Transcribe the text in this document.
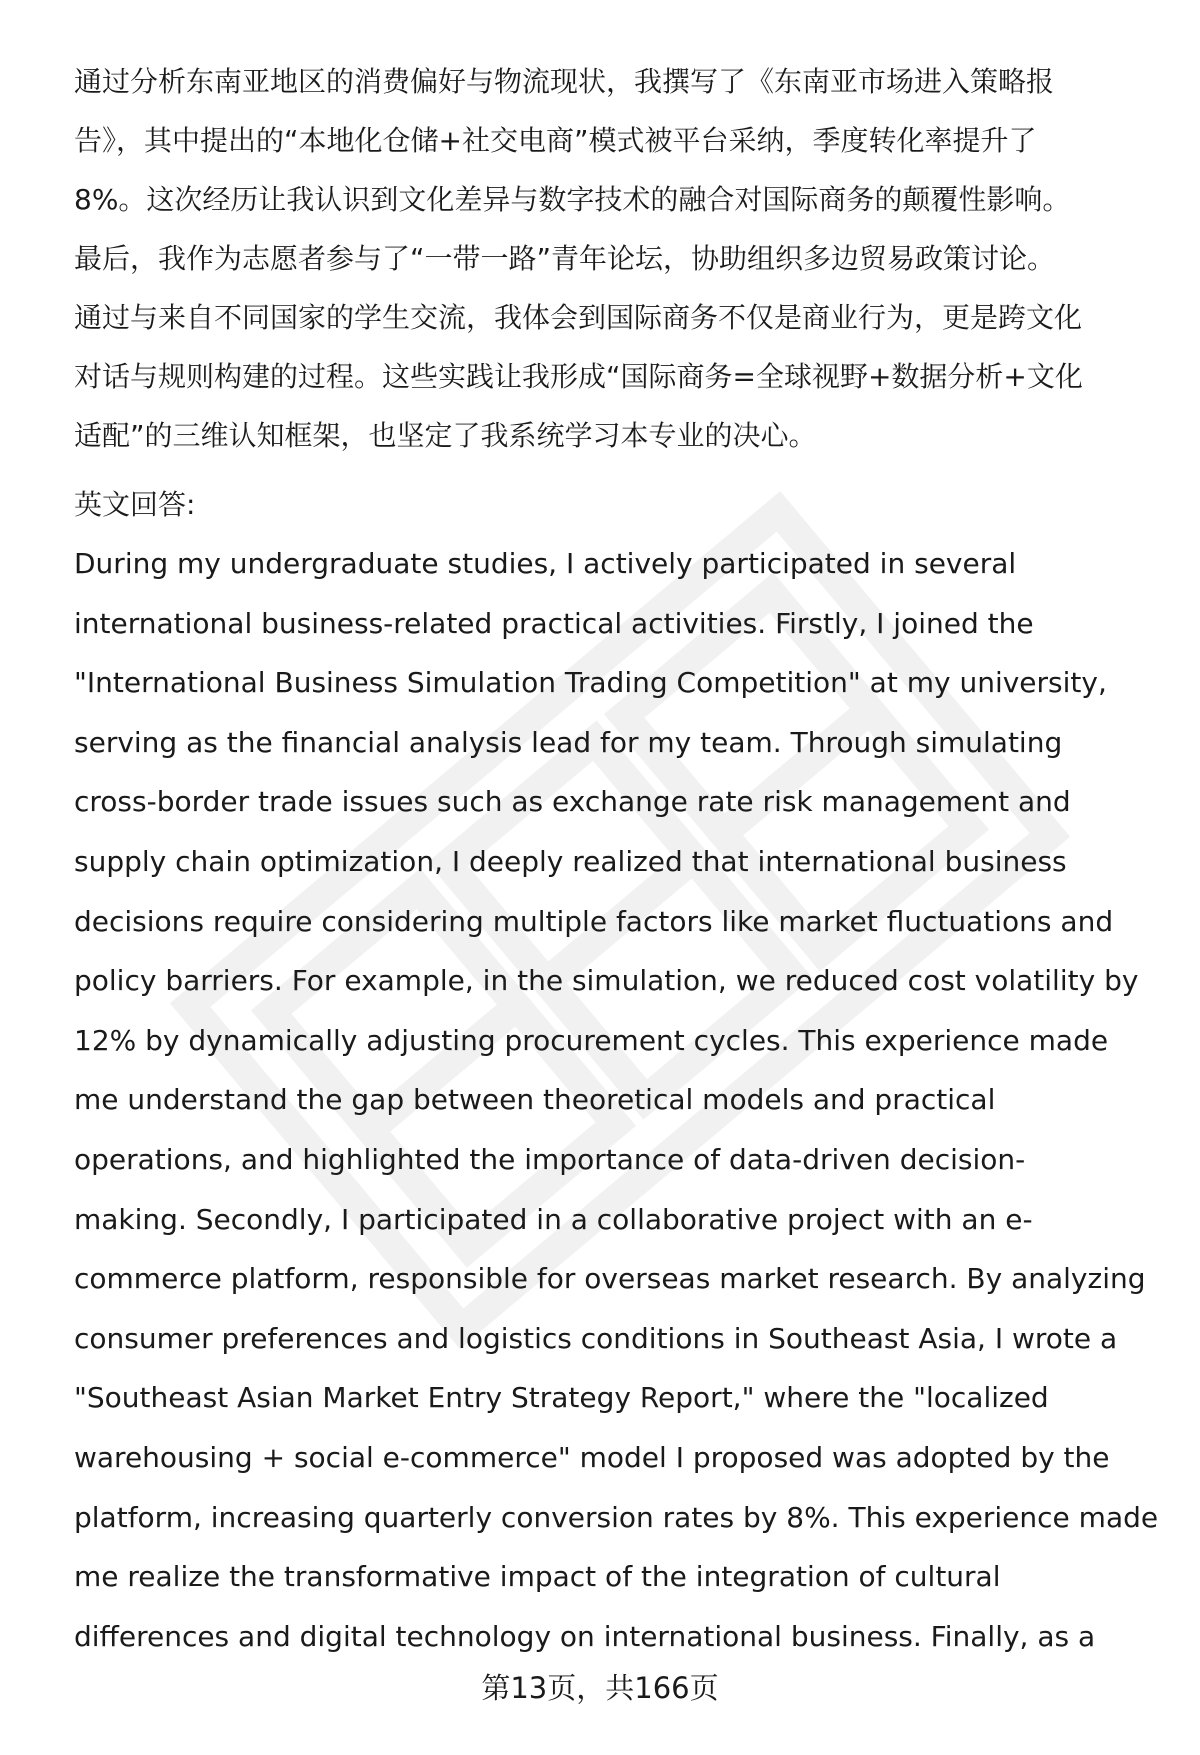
通过分析东南亚地区的消费偏好与物流现状，我撰写了《东南亚市场进入策略报
告》，其中提出的“本地化仓储+社交电商”模式被平台采纳，季度转化率提升了
8%。这次经历让我认识到文化差异与数字技术的融合对国际商务的颠覆性影响。
最后，我作为志愿者参与了“一带一路”青年论坛，协助组织多边贸易政策讨论。
通过与来自不同国家的学生交流，我体会到国际商务不仅是商业行为，更是跨文化
对话与规则构建的过程。这些实践让我形成“国际商务=全球视野+数据分析+文化
适配”的三维认知框架，也坚定了我系统学习本专业的决心。

英文回答:

During my undergraduate studies, I actively participated in several
international business-related practical activities. Firstly, I joined the
"International Business Simulation Trading Competition" at my university,
serving as the financial analysis lead for my team. Through simulating
cross-border trade issues such as exchange rate risk management and
supply chain optimization, I deeply realized that international business
decisions require considering multiple factors like market fluctuations and
policy barriers. For example, in the simulation, we reduced cost volatility by
12% by dynamically adjusting procurement cycles. This experience made
me understand the gap between theoretical models and practical
operations, and highlighted the importance of data-driven decision-
making. Secondly, I participated in a collaborative project with an e-
commerce platform, responsible for overseas market research. By analyzing
consumer preferences and logistics conditions in Southeast Asia, I wrote a
"Southeast Asian Market Entry Strategy Report," where the "localized
warehousing + social e-commerce" model I proposed was adopted by the
platform, increasing quarterly conversion rates by 8%. This experience made
me realize the transformative impact of the integration of cultural
differences and digital technology on international business. Finally, as a

第13页，共166页
